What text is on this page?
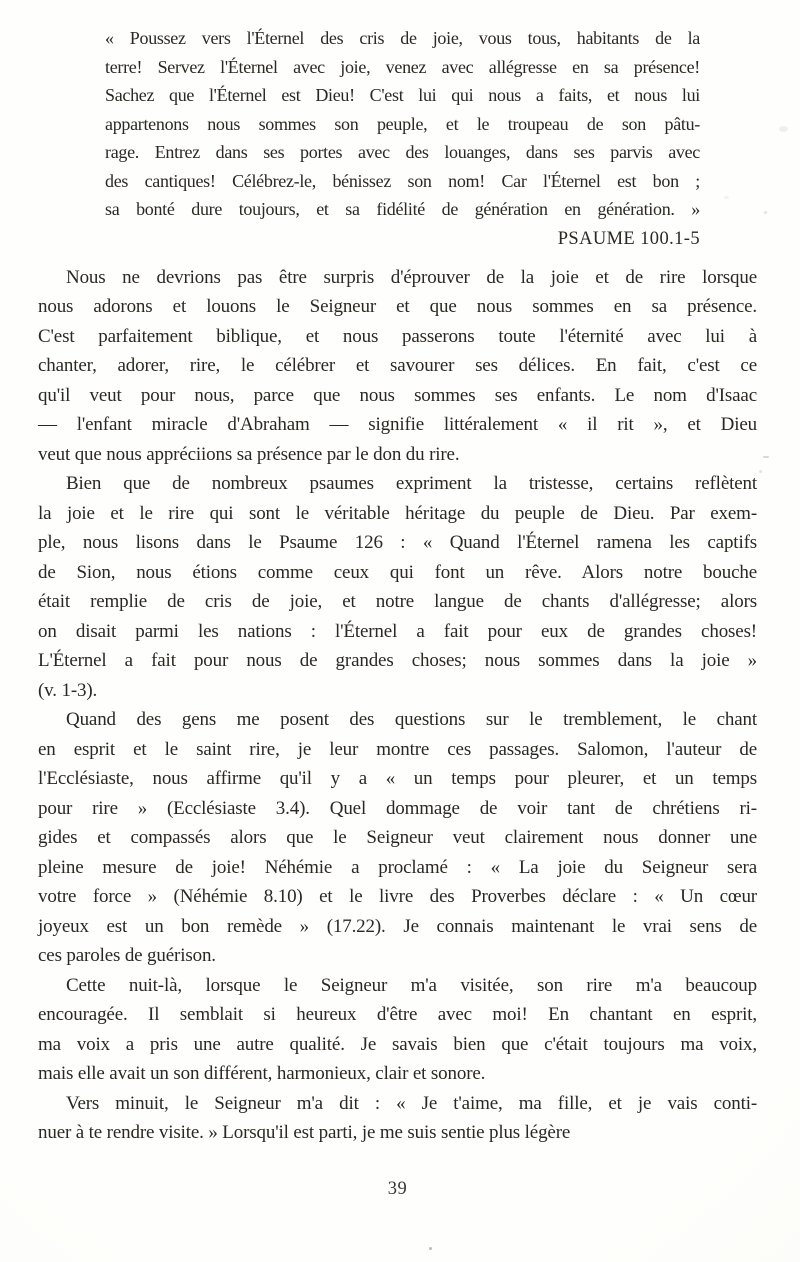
« Poussez vers l'Éternel des cris de joie, vous tous, habitants de la
terre! Servez l'Éternel avec joie, venez avec allégresse en sa présence!
Sachez que l'Éternel est Dieu! C'est lui qui nous a faits, et nous lui
appartenons nous sommes son peuple, et le troupeau de son pâtu-
rage. Entrez dans ses portes avec des louanges, dans ses parvis avec
des cantiques! Célébrez-le, bénissez son nom! Car l'Éternel est bon ;
sa bonté dure toujours, et sa fidélité de génération en génération. »
PSAUME 100.1-5
Nous ne devrions pas être surpris d'éprouver de la joie et de rire lorsque
nous adorons et louons le Seigneur et que nous sommes en sa présence.
C'est parfaitement biblique, et nous passerons toute l'éternité avec lui à
chanter, adorer, rire, le célébrer et savourer ses délices. En fait, c'est ce
qu'il veut pour nous, parce que nous sommes ses enfants. Le nom d'Isaac
— l'enfant miracle d'Abraham — signifie littéralement « il rit », et Dieu
veut que nous appréciions sa présence par le don du rire.
Bien que de nombreux psaumes expriment la tristesse, certains reflètent
la joie et le rire qui sont le véritable héritage du peuple de Dieu. Par exem-
ple, nous lisons dans le Psaume 126 : « Quand l'Éternel ramena les captifs
de Sion, nous étions comme ceux qui font un rêve. Alors notre bouche
était remplie de cris de joie, et notre langue de chants d'allégresse; alors
on disait parmi les nations : l'Éternel a fait pour eux de grandes choses!
L'Éternel a fait pour nous de grandes choses; nous sommes dans la joie »
(v. 1-3).
Quand des gens me posent des questions sur le tremblement, le chant
en esprit et le saint rire, je leur montre ces passages. Salomon, l'auteur de
l'Ecclésiaste, nous affirme qu'il y a « un temps pour pleurer, et un temps
pour rire » (Ecclésiaste 3.4). Quel dommage de voir tant de chrétiens ri-
gides et compassés alors que le Seigneur veut clairement nous donner une
pleine mesure de joie! Néhémie a proclamé : « La joie du Seigneur sera
votre force » (Néhémie 8.10) et le livre des Proverbes déclare : « Un cœur
joyeux est un bon remède » (17.22). Je connais maintenant le vrai sens de
ces paroles de guérison.
Cette nuit-là, lorsque le Seigneur m'a visitée, son rire m'a beaucoup
encouragée. Il semblait si heureux d'être avec moi! En chantant en esprit,
ma voix a pris une autre qualité. Je savais bien que c'était toujours ma voix,
mais elle avait un son différent, harmonieux, clair et sonore.
Vers minuit, le Seigneur m'a dit : « Je t'aime, ma fille, et je vais conti-
nuer à te rendre visite. » Lorsqu'il est parti, je me suis sentie plus légère
39
